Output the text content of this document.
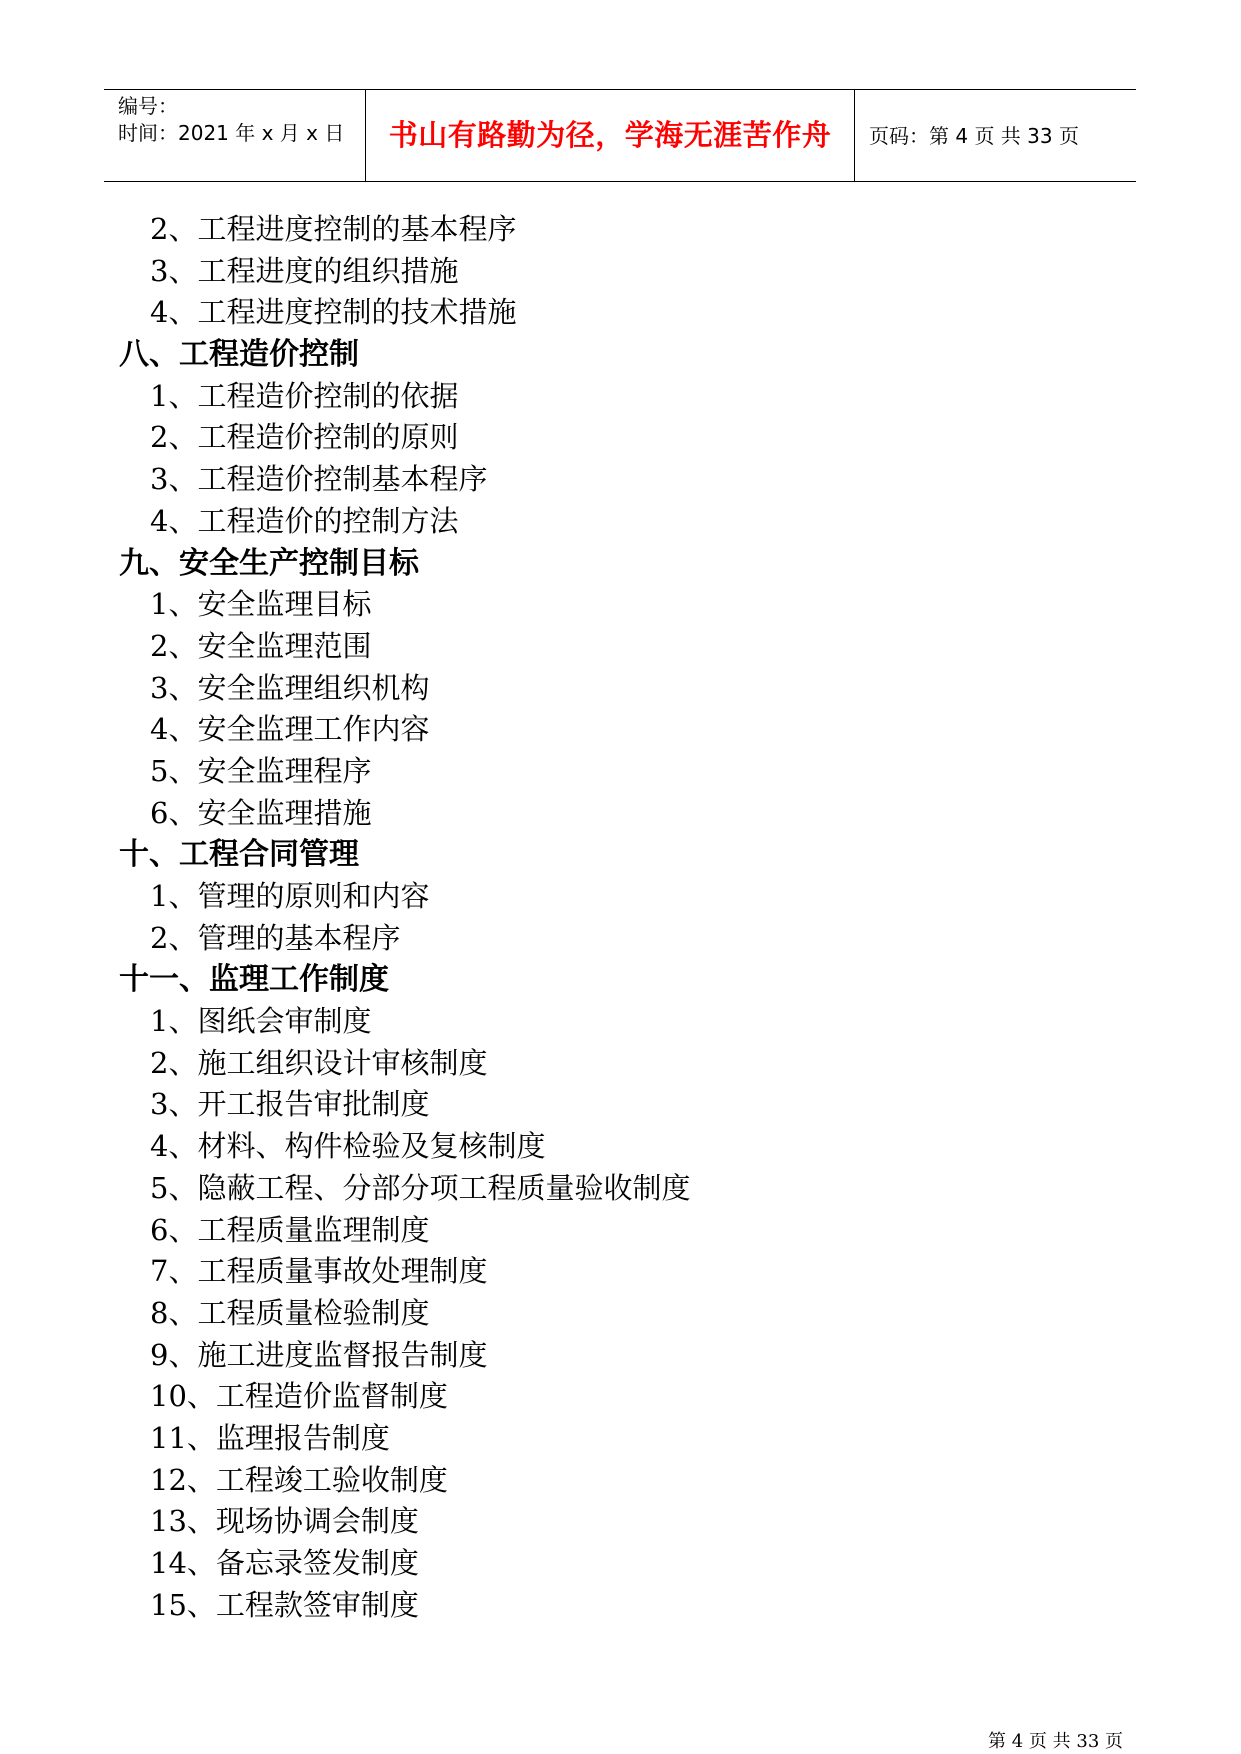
编号：
时间：2021 年 x 月 x 日	书山有路勤为径，学海无涯苦作舟	页码：第 4 页 共 33 页
2、工程进度控制的基本程序
3、工程进度的组织措施
4、工程进度控制的技术措施
八、工程造价控制
1、工程造价控制的依据
2、工程造价控制的原则
3、工程造价控制基本程序
4、工程造价的控制方法
九、安全生产控制目标
1、安全监理目标
2、安全监理范围
3、安全监理组织机构
4、安全监理工作内容
5、安全监理程序
6、安全监理措施
十、工程合同管理
1、管理的原则和内容
2、管理的基本程序
十一、监理工作制度
1、图纸会审制度
2、施工组织设计审核制度
3、开工报告审批制度
4、材料、构件检验及复核制度
5、隐蔽工程、分部分项工程质量验收制度
6、工程质量监理制度
7、工程质量事故处理制度
8、工程质量检验制度
9、施工进度监督报告制度
10、工程造价监督制度
11、监理报告制度
12、工程竣工验收制度
13、现场协调会制度
14、备忘录签发制度
15、工程款签审制度
第 4 页 共 33 页
